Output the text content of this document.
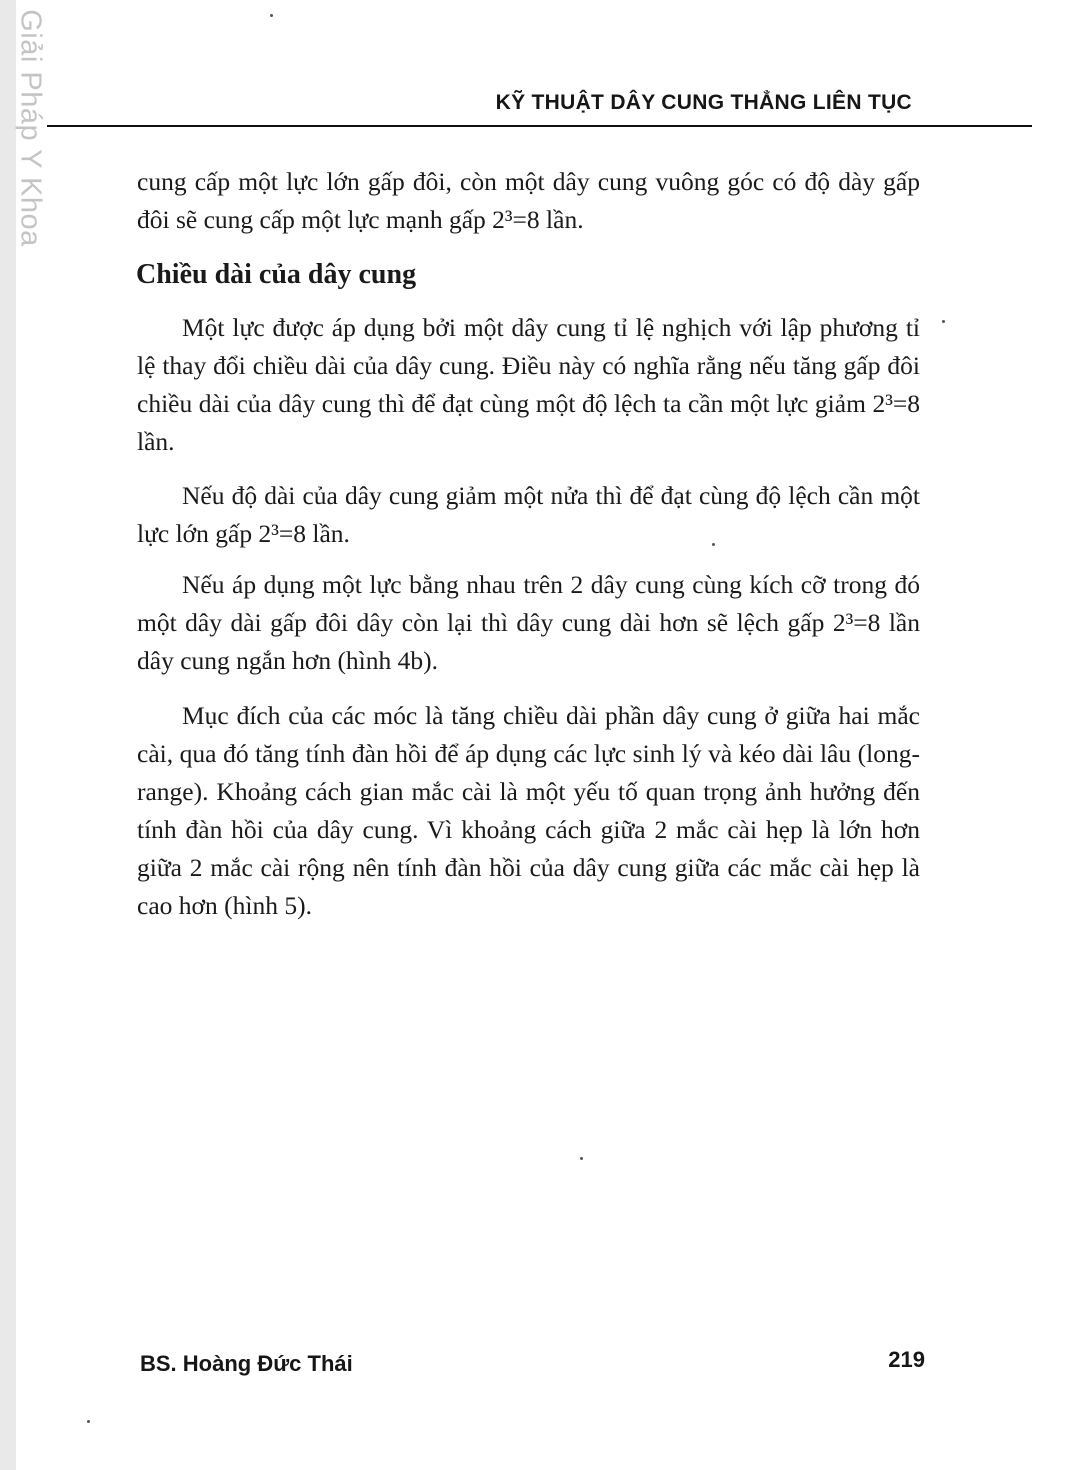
Giải Pháp Y Khoa	KỸ THUẬT DÂY CUNG THẲNG LIÊN TỤC

cung cấp một lực lớn gấp đôi, còn một dây cung vuông góc có độ dày gấp đôi sẽ cung cấp một lực mạnh gấp 2³=8 lần.

Chiều dài của dây cung

Một lực được áp dụng bởi một dây cung tỉ lệ nghịch với lập phương tỉ lệ thay đổi chiều dài của dây cung. Điều này có nghĩa rằng nếu tăng gấp đôi chiều dài của dây cung thì để đạt cùng một độ lệch ta cần một lực giảm 2³=8 lần.

Nếu độ dài của dây cung giảm một nửa thì để đạt cùng độ lệch cần một lực lớn gấp 2³=8 lần.

Nếu áp dụng một lực bằng nhau trên 2 dây cung cùng kích cỡ trong đó một dây dài gấp đôi dây còn lại thì dây cung dài hơn sẽ lệch gấp 2³=8 lần dây cung ngắn hơn (hình 4b).

Mục đích của các móc là tăng chiều dài phần dây cung ở giữa hai mắc cài, qua đó tăng tính đàn hồi để áp dụng các lực sinh lý và kéo dài lâu (long-range). Khoảng cách gian mắc cài là một yếu tố quan trọng ảnh hưởng đến tính đàn hồi của dây cung. Vì khoảng cách giữa 2 mắc cài hẹp là lớn hơn giữa 2 mắc cài rộng nên tính đàn hồi của dây cung giữa các mắc cài hẹp là cao hơn (hình 5).

BS. Hoàng Đức Thái	219
